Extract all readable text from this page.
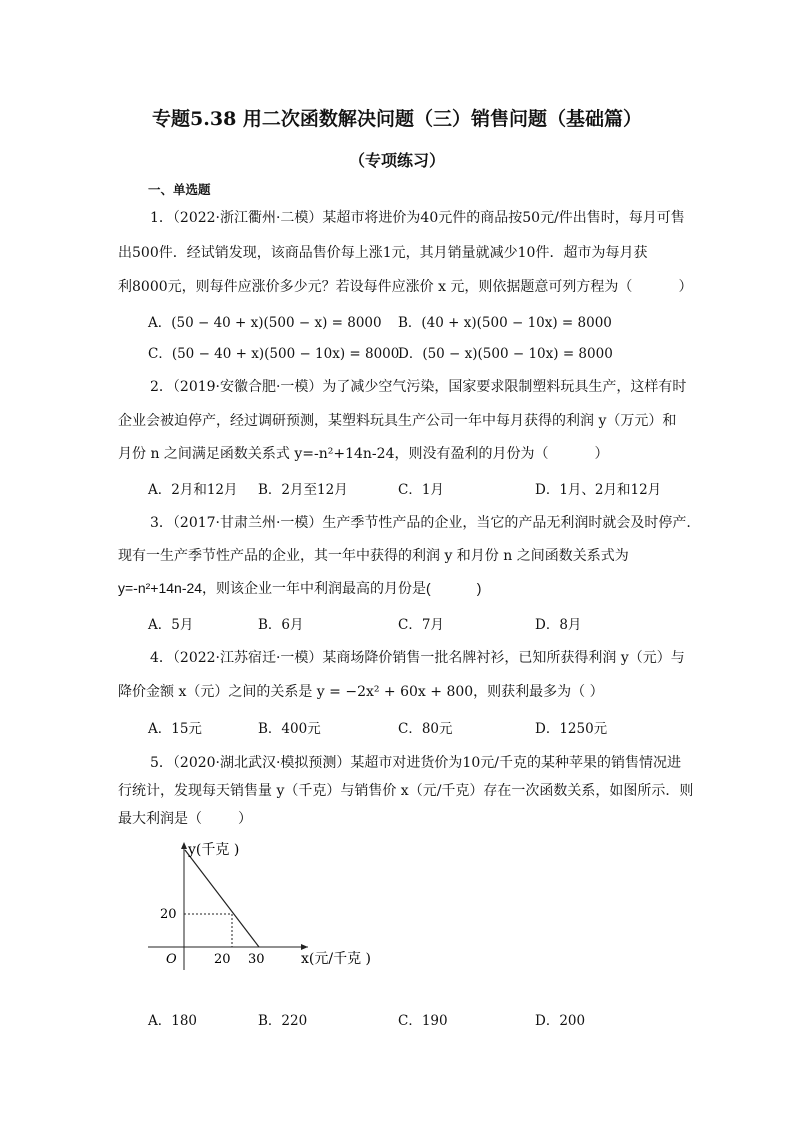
专题5.38 用二次函数解决问题（三）销售问题（基础篇）
（专项练习）
一、单选题
1．（2022·浙江衢州·二模）某超市将进价为40元件的商品按50元/件出售时，每月可售
出500件．经试销发现，该商品售价每上涨1元，其月销量就减少10件．超市为每月获
利8000元，则每件应涨价多少元？若设每件应涨价 x 元，则依据题意可列方程为（	）
A．(50 − 40 + x)(500 − x) = 8000 B．(40 + x)(500 − 10x) = 8000
C．(50 − 40 + x)(500 − 10x) = 8000
D．(50 − x)(500 − 10x) = 8000
2．（2019·安徽合肥·一模）为了减少空气污染，国家要求限制塑料玩具生产，这样有时
企业会被迫停产，经过调研预测，某塑料玩具生产公司一年中每月获得的利润 y（万元）和
月份 n 之间满足函数关系式 y=-n²+14n-24，则没有盈利的月份为（	）
A．2月和12月 B．2月至12月	C．1月	D．1月、2月和12月
3．（2017·甘肃兰州·一模）生产季节性产品的企业，当它的产品无利润时就会及时停产.
现有一生产季节性产品的企业，其一年中获得的利润 y 和月份 n 之间函数关系式为
y=-n²+14n-24，则该企业一年中利润最高的月份是(	)
A．5月	B．6月	C．7月	D．8月
4．（2022·江苏宿迁·一模）某商场降价销售一批名牌衬衫，已知所获得利润 y（元）与
降价金额 x（元）之间的关系是 y = −2x² + 60x + 800，则获利最多为（ ）
A．15元	B．400元	C．80元	D．1250元
5．（2020·湖北武汉·模拟预测）某超市对进货价为10元/千克的某种苹果的销售情况进
行统计，发现每天销售量 y（千克）与销售价 x（元/千克）存在一次函数关系，如图所示．则
最大利润是（	）
y(千克 )
x(元/千克 )
O
20
20 30
A．180	B．220	C．190	D．200
